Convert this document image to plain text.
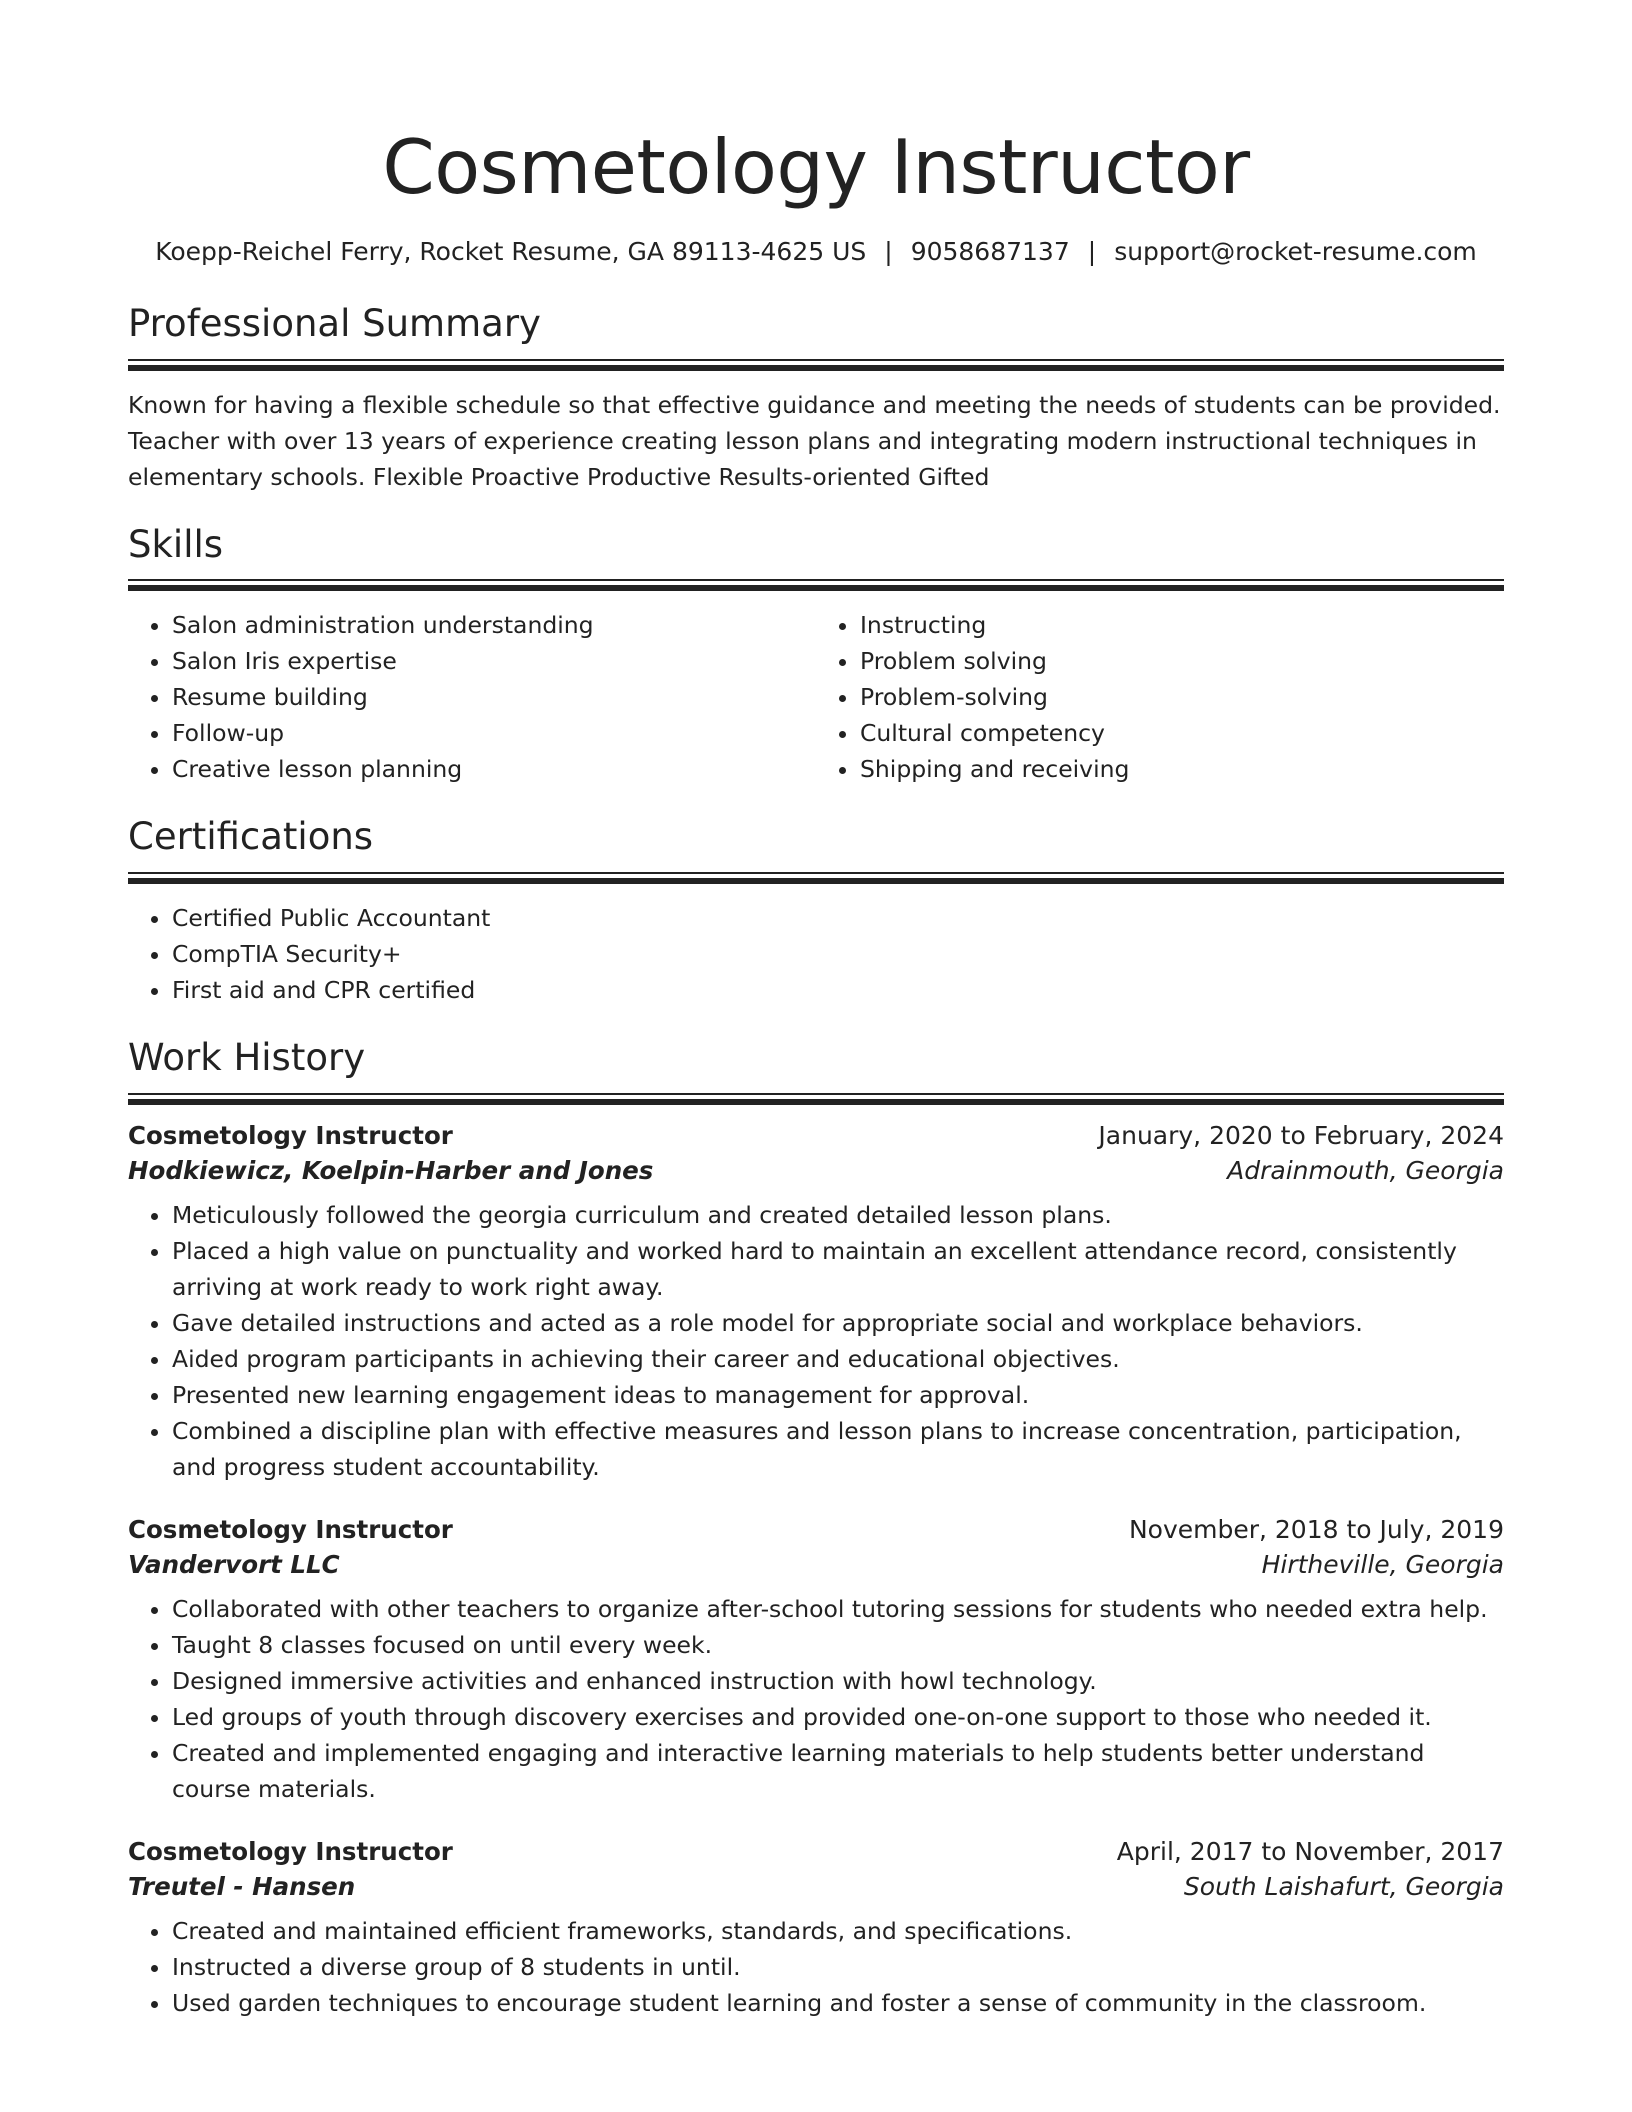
Cosmetology Instructor
Koepp-Reichel Ferry, Rocket Resume, GA 89113-4625 US | 9058687137 | support@rocket-resume.com
Professional Summary
Known for having a flexible schedule so that effective guidance and meeting the needs of students can be provided. Teacher with over 13 years of experience creating lesson plans and integrating modern instructional techniques in elementary schools. Flexible Proactive Productive Results-oriented Gifted
Skills
• Salon administration understanding
• Salon Iris expertise
• Resume building
• Follow-up
• Creative lesson planning
• Instructing
• Problem solving
• Problem-solving
• Cultural competency
• Shipping and receiving
Certifications
• Certified Public Accountant
• CompTIA Security+
• First aid and CPR certified
Work History
Cosmetology Instructor	January, 2020 to February, 2024
Hodkiewicz, Koelpin-Harber and Jones	Adrainmouth, Georgia
• Meticulously followed the georgia curriculum and created detailed lesson plans.
• Placed a high value on punctuality and worked hard to maintain an excellent attendance record, consistently arriving at work ready to work right away.
• Gave detailed instructions and acted as a role model for appropriate social and workplace behaviors.
• Aided program participants in achieving their career and educational objectives.
• Presented new learning engagement ideas to management for approval.
• Combined a discipline plan with effective measures and lesson plans to increase concentration, participation, and progress student accountability.
Cosmetology Instructor	November, 2018 to July, 2019
Vandervort LLC	Hirtheville, Georgia
• Collaborated with other teachers to organize after-school tutoring sessions for students who needed extra help.
• Taught 8 classes focused on until every week.
• Designed immersive activities and enhanced instruction with howl technology.
• Led groups of youth through discovery exercises and provided one-on-one support to those who needed it.
• Created and implemented engaging and interactive learning materials to help students better understand course materials.
Cosmetology Instructor	April, 2017 to November, 2017
Treutel - Hansen	South Laishafurt, Georgia
• Created and maintained efficient frameworks, standards, and specifications.
• Instructed a diverse group of 8 students in until.
• Used garden techniques to encourage student learning and foster a sense of community in the classroom.
